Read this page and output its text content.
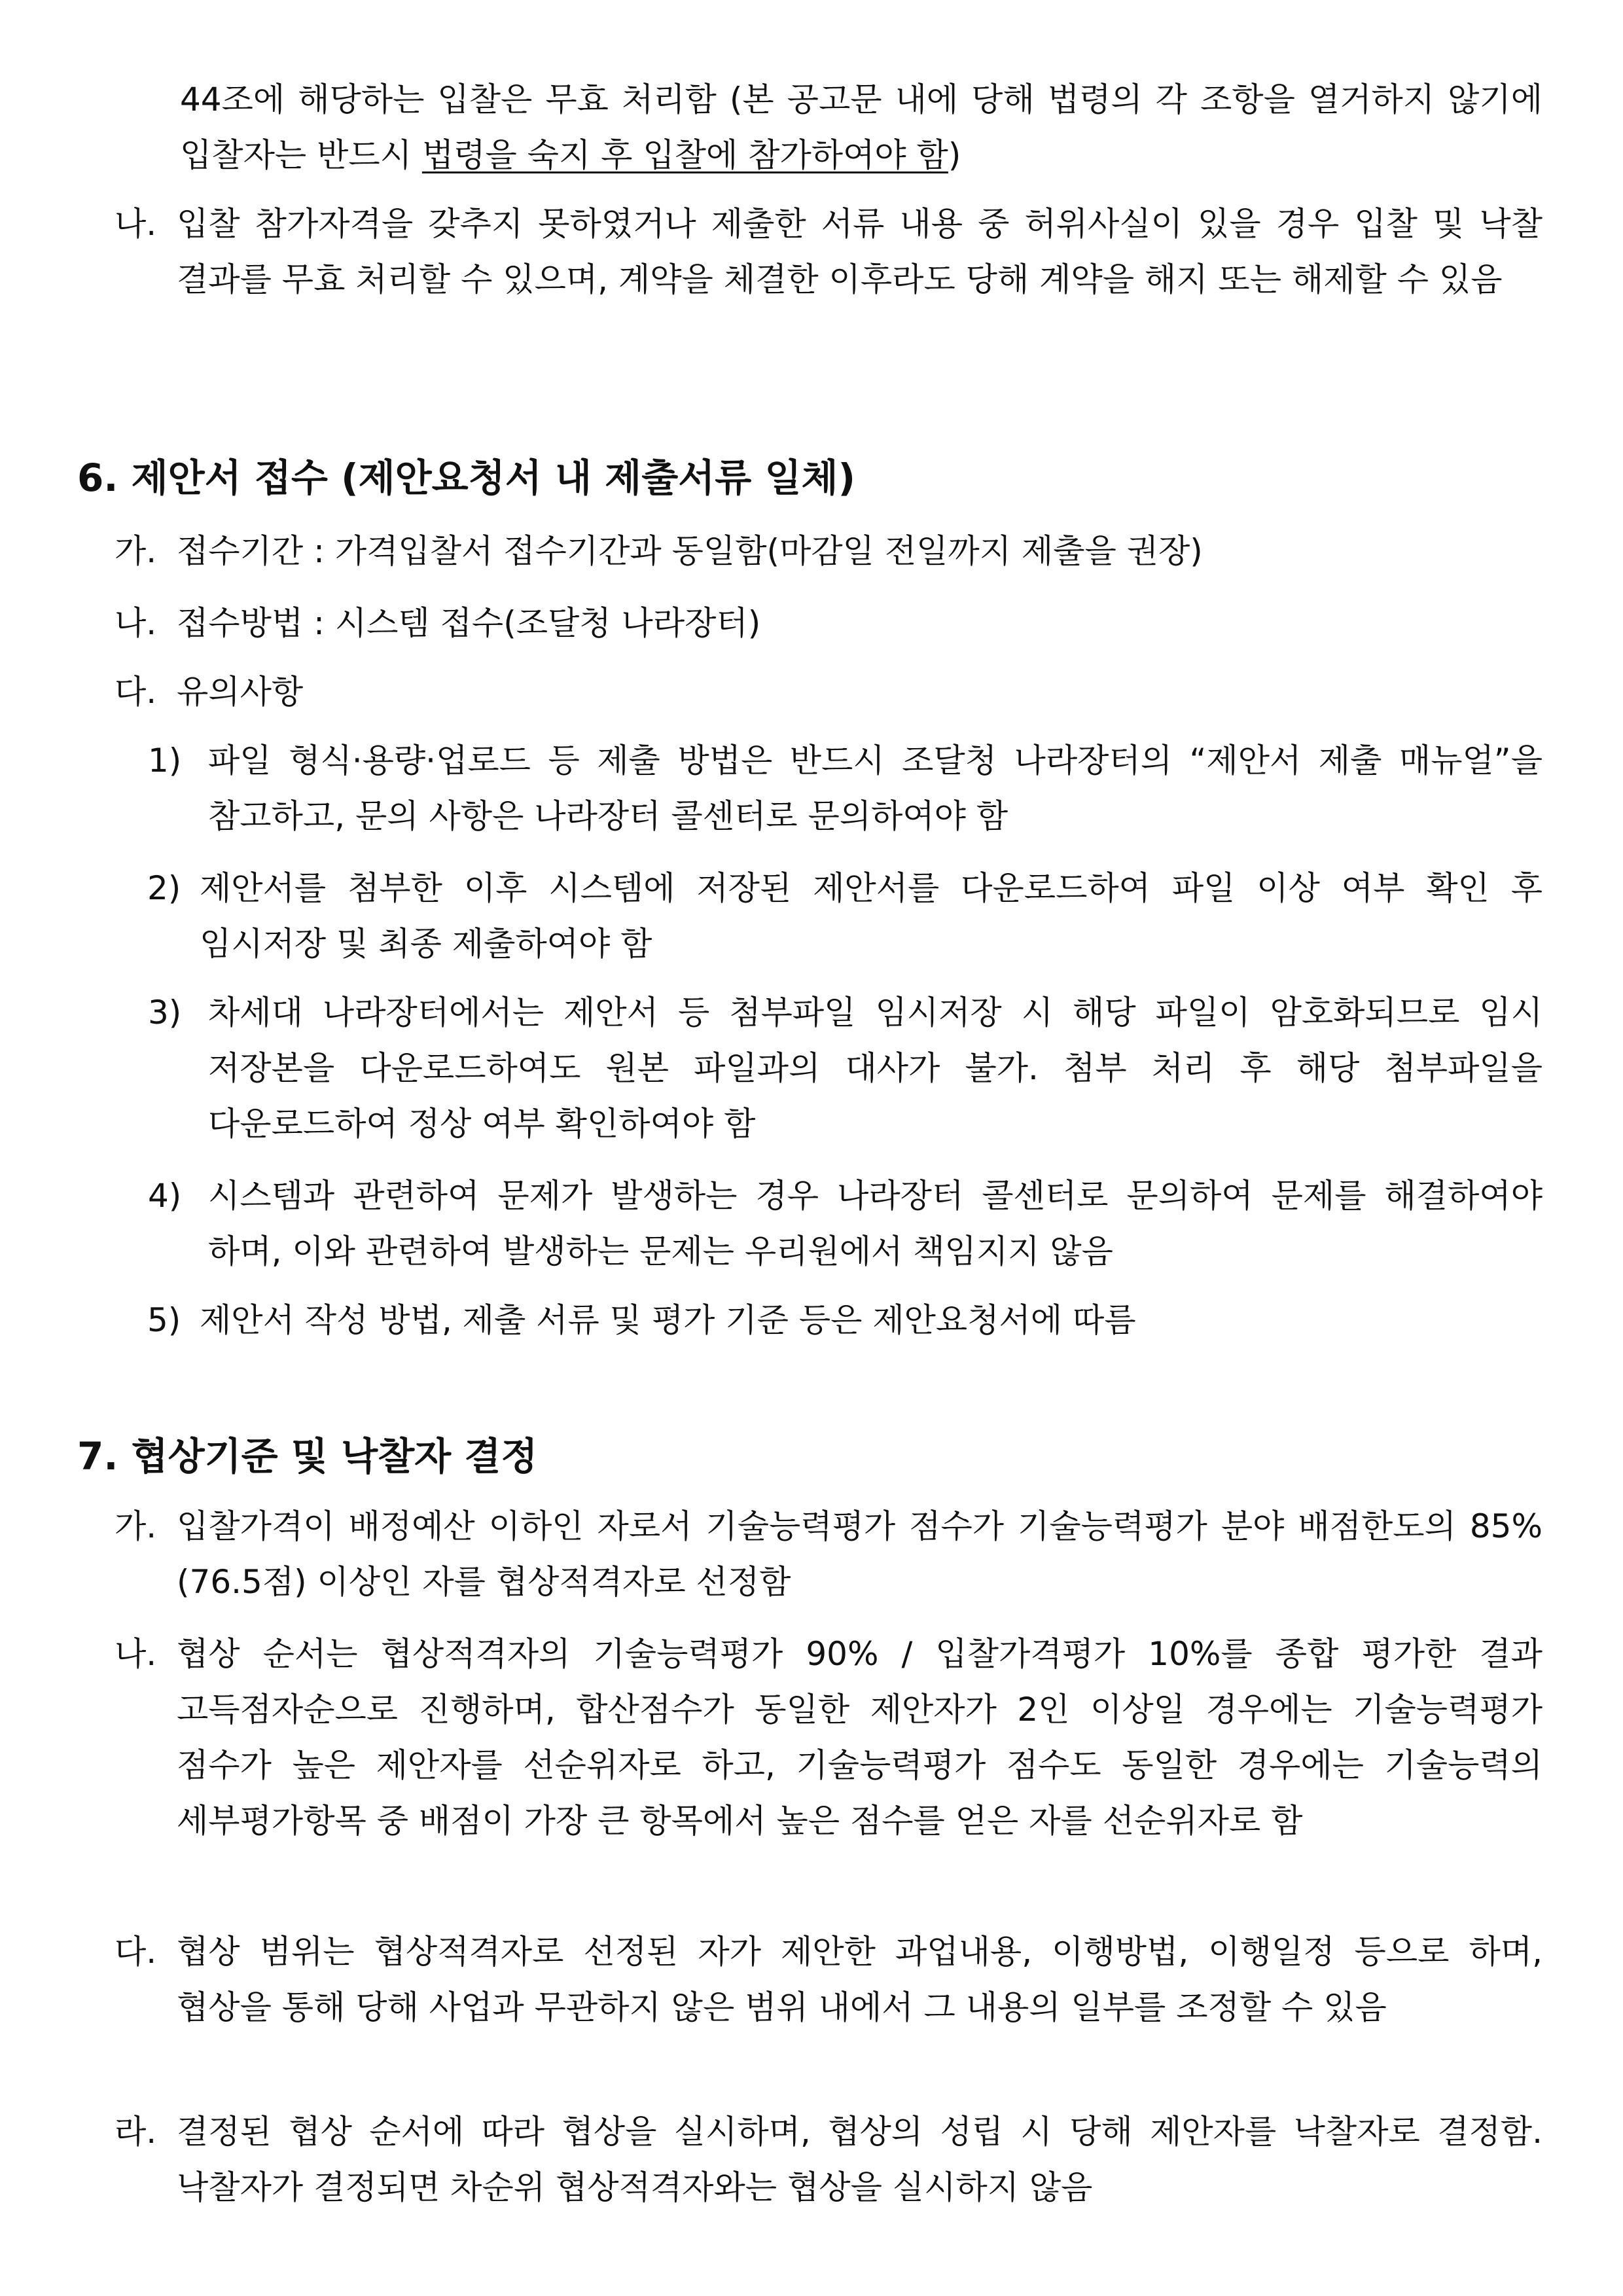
44조에 해당하는 입찰은 무효 처리함 (본 공고문 내에 당해 법령의 각 조항을 열거하지 않기에 입찰자는 반드시 법령을 숙지 후 입찰에 참가하여야 함)
나. 입찰 참가자격을 갖추지 못하였거나 제출한 서류 내용 중 허위사실이 있을 경우 입찰 및 낙찰 결과를 무효 처리할 수 있으며, 계약을 체결한 이후라도 당해 계약을 해지 또는 해제할 수 있음
6. 제안서 접수 (제안요청서 내 제출서류 일체)
가. 접수기간 : 가격입찰서 접수기간과 동일함(마감일 전일까지 제출을 권장)
나. 접수방법 : 시스템 접수(조달청 나라장터)
다. 유의사항
1) 파일 형식·용량·업로드 등 제출 방법은 반드시 조달청 나라장터의 “제안서 제출 매뉴얼”을 참고하고, 문의 사항은 나라장터 콜센터로 문의하여야 함
2) 제안서를 첨부한 이후 시스템에 저장된 제안서를 다운로드하여 파일 이상 여부 확인 후 임시저장 및 최종 제출하여야 함
3) 차세대 나라장터에서는 제안서 등 첨부파일 임시저장 시 해당 파일이 암호화되므로 임시 저장본을 다운로드하여도 원본 파일과의 대사가 불가. 첨부 처리 후 해당 첨부파일을 다운로드하여 정상 여부 확인하여야 함
4) 시스템과 관련하여 문제가 발생하는 경우 나라장터 콜센터로 문의하여 문제를 해결하여야 하며, 이와 관련하여 발생하는 문제는 우리원에서 책임지지 않음
5) 제안서 작성 방법, 제출 서류 및 평가 기준 등은 제안요청서에 따름
7. 협상기준 및 낙찰자 결정
가. 입찰가격이 배정예산 이하인 자로서 기술능력평가 점수가 기술능력평가 분야 배점한도의 85%(76.5점) 이상인 자를 협상적격자로 선정함
나. 협상 순서는 협상적격자의 기술능력평가 90% / 입찰가격평가 10%를 종합 평가한 결과 고득점자순으로 진행하며, 합산점수가 동일한 제안자가 2인 이상일 경우에는 기술능력평가 점수가 높은 제안자를 선순위자로 하고, 기술능력평가 점수도 동일한 경우에는 기술능력의 세부평가항목 중 배점이 가장 큰 항목에서 높은 점수를 얻은 자를 선순위자로 함
다. 협상 범위는 협상적격자로 선정된 자가 제안한 과업내용, 이행방법, 이행일정 등으로 하며, 협상을 통해 당해 사업과 무관하지 않은 범위 내에서 그 내용의 일부를 조정할 수 있음
라. 결정된 협상 순서에 따라 협상을 실시하며, 협상의 성립 시 당해 제안자를 낙찰자로 결정함. 낙찰자가 결정되면 차순위 협상적격자와는 협상을 실시하지 않음
